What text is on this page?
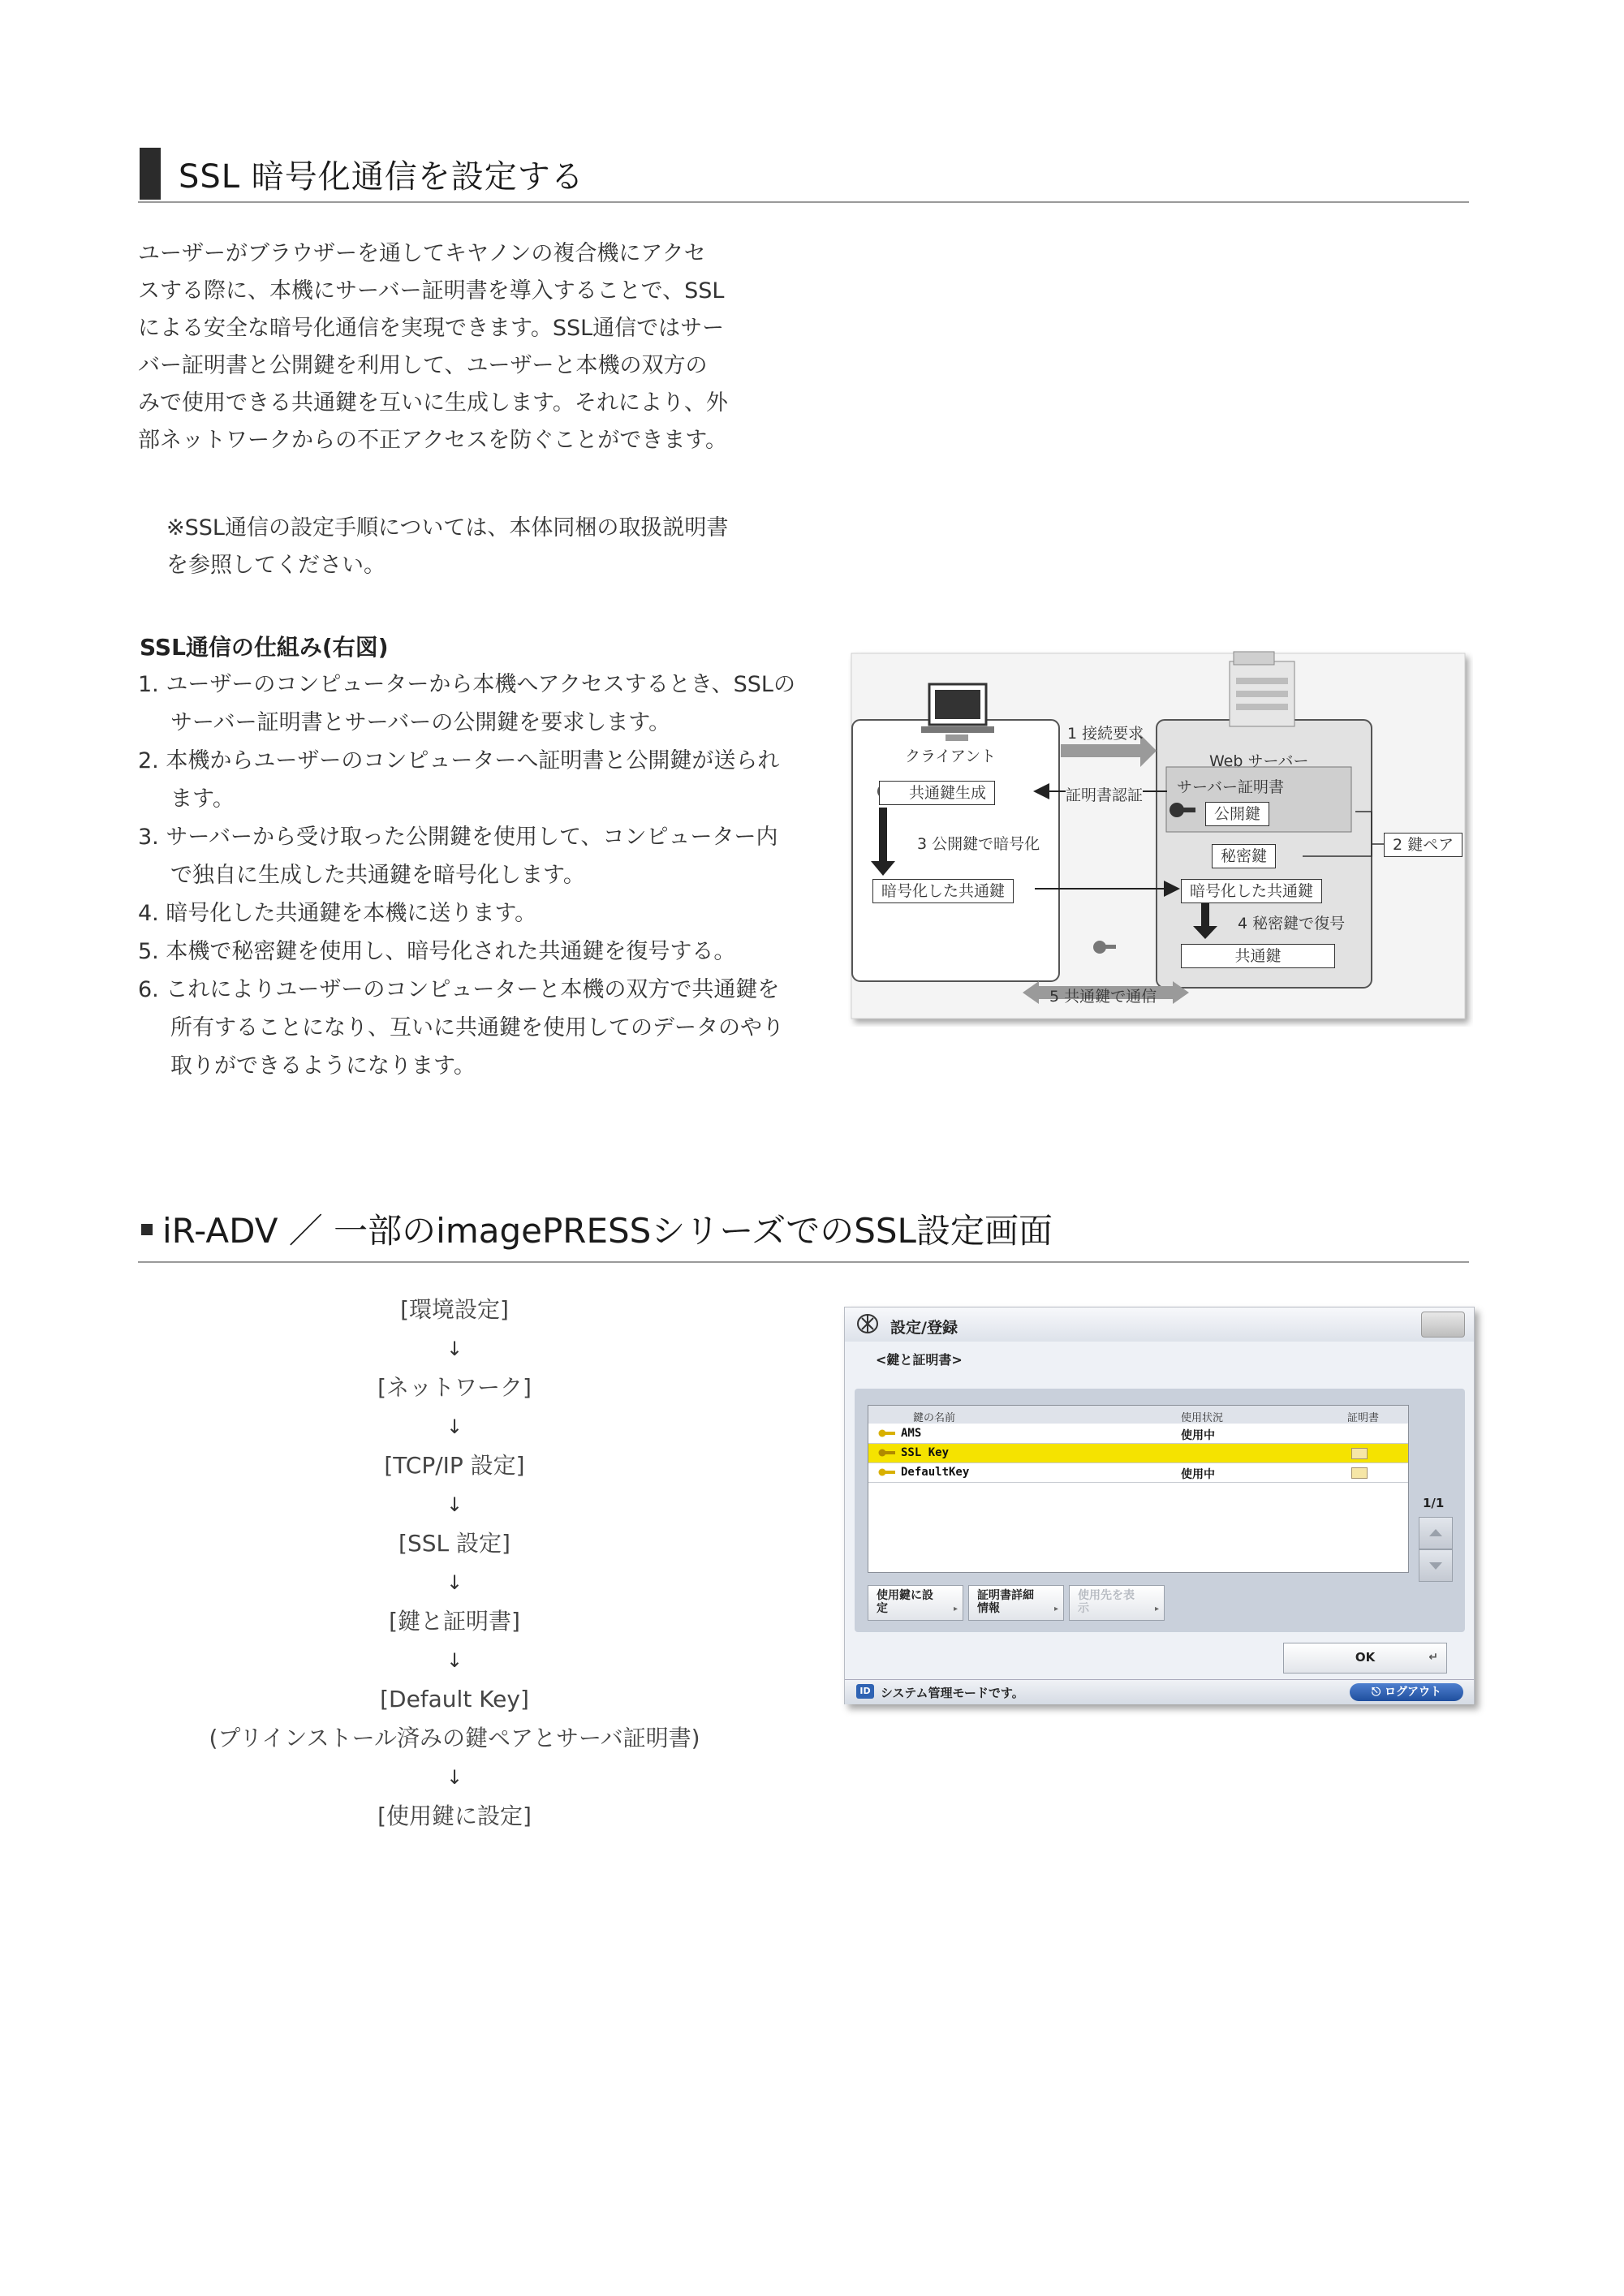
SSL 暗号化通信を設定する

ユーザーがブラウザーを通してキヤノンの複合機にアクセ

スする際に、本機にサーバー証明書を導入することで、SSL

による安全な暗号化通信を実現できます。SSL通信ではサー

バー証明書と公開鍵を利用して、ユーザーと本機の双方の

みで使用できる共通鍵を互いに生成します。それにより、外

部ネットワークからの不正アクセスを防ぐことができます。

※SSL通信の設定手順については、本体同梱の取扱説明書
を参照してください。
SSL通信の仕組み(右図)
1. ユーザーのコンピューターから本機へアクセスするとき、SSLのサーバー証明書とサーバーの公開鍵を要求します。
2. 本機からユーザーのコンピューターへ証明書と公開鍵が送られます。
3. サーバーから受け取った公開鍵を使用して、コンピューター内で独自に生成した共通鍵を暗号化します。
4. 暗号化した共通鍵を本機に送ります。
5. 本機で秘密鍵を使用し、暗号化された共通鍵を復号する。
6. これによりユーザーのコンピューターと本機の双方で共通鍵を所有することになり、互いに共通鍵を使用してのデータのやり取りができるようになります。
クライアント	Web サーバー
1 接続要求
証明書認証 サーバー証明書
公開鍵
秘密鍵
2 鍵ペア
共通鍵生成
3 公開鍵で暗号化
暗号化した共通鍵	暗号化した共通鍵
4 秘密鍵で復号
共通鍵
5 共通鍵で通信
iR-ADV ／ 一部のimagePRESSシリーズでのSSL設定画面
[環境設定]
↓
[ネットワーク]
↓
[TCP/IP 設定]
↓
[SSL 設定]
↓
[鍵と証明書]
↓
[Default Key]
(プリインストール済みの鍵ペアとサーバ証明書)
↓
[使用鍵に設定]
設定/登録
<鍵と証明書>
鍵の名前	使用状況	証明書
AMS	使用中
SSL Key
DefaultKey	使用中
1/1
使用鍵に設定	▸
証明書詳細情報	▸
使用先を表示	▸
OK	↵
ID システム管理モードです。	⎋ ログアウト
